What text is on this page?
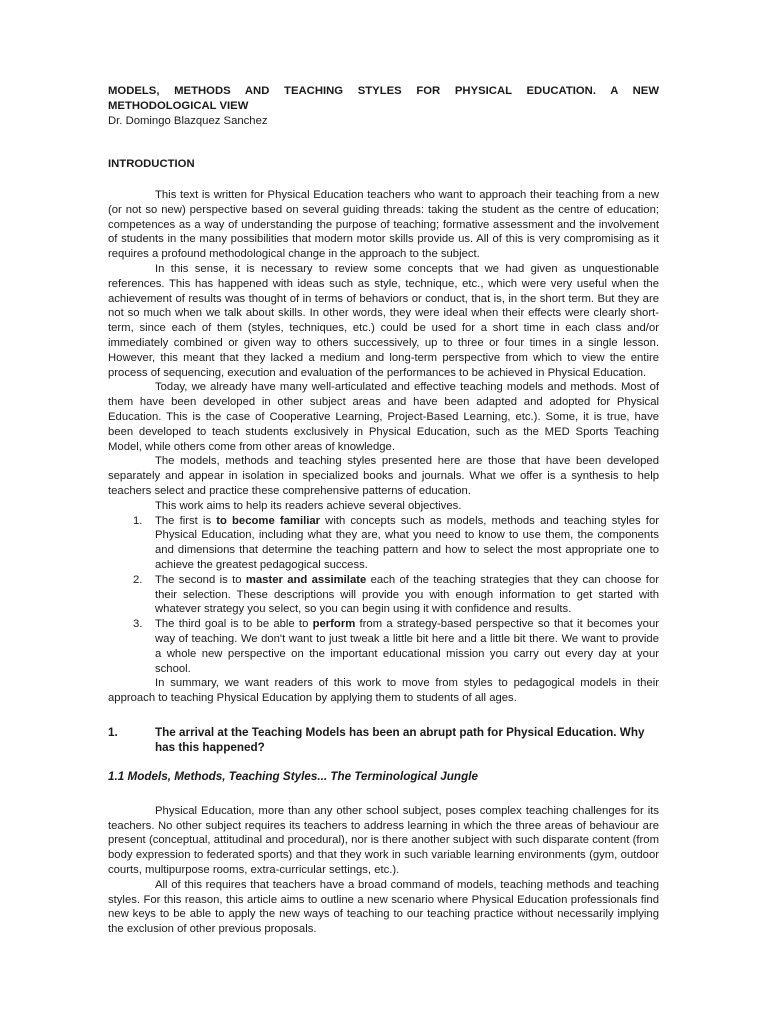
MODELS, METHODS AND TEACHING STYLES FOR PHYSICAL EDUCATION. A NEW METHODOLOGICAL VIEW
Dr. Domingo Blazquez Sanchez
INTRODUCTION

This text is written for Physical Education teachers who want to approach their teaching from a new (or not so new) perspective based on several guiding threads: taking the student as the centre of education; competences as a way of understanding the purpose of teaching; formative assessment and the involvement of students in the many possibilities that modern motor skills provide us. All of this is very compromising as it requires a profound methodological change in the approach to the subject.

In this sense, it is necessary to review some concepts that we had given as unquestionable references. This has happened with ideas such as style, technique, etc., which were very useful when the achievement of results was thought of in terms of behaviors or conduct, that is, in the short term. But they are not so much when we talk about skills. In other words, they were ideal when their effects were clearly short-term, since each of them (styles, techniques, etc.) could be used for a short time in each class and/or immediately combined or given way to others successively, up to three or four times in a single lesson. However, this meant that they lacked a medium and long-term perspective from which to view the entire process of sequencing, execution and evaluation of the performances to be achieved in Physical Education.

Today, we already have many well-articulated and effective teaching models and methods. Most of them have been developed in other subject areas and have been adapted and adopted for Physical Education. This is the case of Cooperative Learning, Project-Based Learning, etc.). Some, it is true, have been developed to teach students exclusively in Physical Education, such as the MED Sports Teaching Model, while others come from other areas of knowledge.

The models, methods and teaching styles presented here are those that have been developed separately and appear in isolation in specialized books and journals. What we offer is a synthesis to help teachers select and practice these comprehensive patterns of education.

This work aims to help its readers achieve several objectives.

1. The first is to become familiar with concepts such as models, methods and teaching styles for Physical Education, including what they are, what you need to know to use them, the components and dimensions that determine the teaching pattern and how to select the most appropriate one to achieve the greatest pedagogical success.
2. The second is to master and assimilate each of the teaching strategies that they can choose for their selection. These descriptions will provide you with enough information to get started with whatever strategy you select, so you can begin using it with confidence and results.
3. The third goal is to be able to perform from a strategy-based perspective so that it becomes your way of teaching. We don't want to just tweak a little bit here and a little bit there. We want to provide a whole new perspective on the important educational mission you carry out every day at your school.

In summary, we want readers of this work to move from styles to pedagogical models in their approach to teaching Physical Education by applying them to students of all ages.

1.	The arrival at the Teaching Models has been an abrupt path for Physical Education. Why has this happened?
1.1 Models, Methods, Teaching Styles... The Terminological Jungle

Physical Education, more than any other school subject, poses complex teaching challenges for its teachers. No other subject requires its teachers to address learning in which the three areas of behaviour are present (conceptual, attitudinal and procedural), nor is there another subject with such disparate content (from body expression to federated sports) and that they work in such variable learning environments (gym, outdoor courts, multipurpose rooms, extra-curricular settings, etc.).

All of this requires that teachers have a broad command of models, teaching methods and teaching styles. For this reason, this article aims to outline a new scenario where Physical Education professionals find new keys to be able to apply the new ways of teaching to our teaching practice without necessarily implying the exclusion of other previous proposals.
